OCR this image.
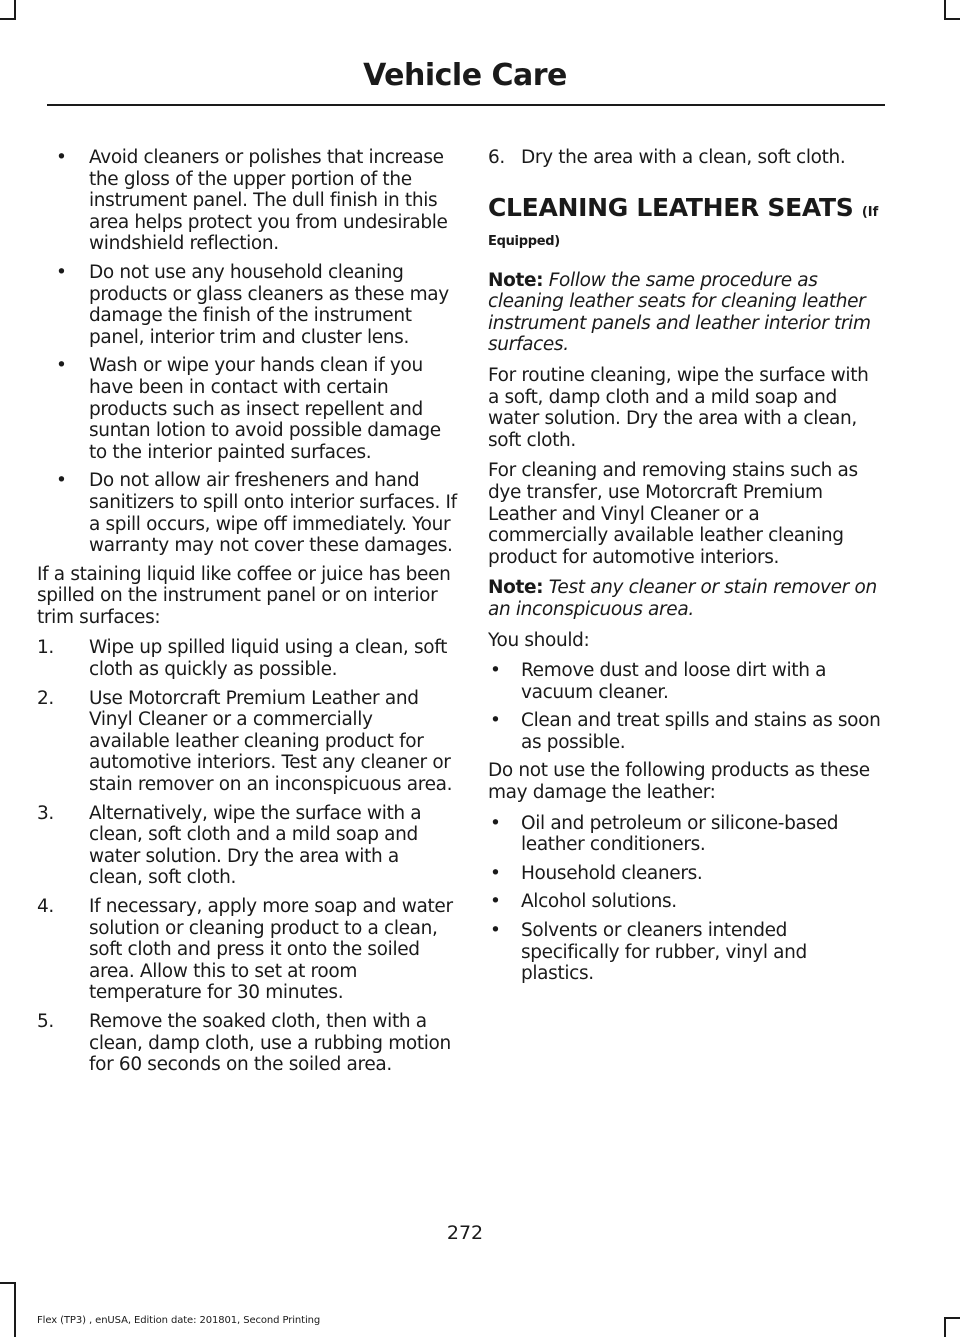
Vehicle Care
•	Avoid cleaners or polishes that increase the gloss of the upper portion of the instrument panel. The dull finish in this area helps protect you from undesirable windshield reflection.
•	Do not use any household cleaning products or glass cleaners as these may damage the finish of the instrument panel, interior trim and cluster lens.
•	Wash or wipe your hands clean if you have been in contact with certain products such as insect repellent and suntan lotion to avoid possible damage to the interior painted surfaces.
•	Do not allow air fresheners and hand sanitizers to spill onto interior surfaces. If a spill occurs, wipe off immediately. Your warranty may not cover these damages.

If a staining liquid like coffee or juice has been spilled on the instrument panel or on interior trim surfaces:

1.	Wipe up spilled liquid using a clean, soft cloth as quickly as possible.
2.	Use Motorcraft Premium Leather and Vinyl Cleaner or a commercially available leather cleaning product for automotive interiors. Test any cleaner or stain remover on an inconspicuous area.
3.	Alternatively, wipe the surface with a clean, soft cloth and a mild soap and water solution. Dry the area with a clean, soft cloth.
4.	If necessary, apply more soap and water solution or cleaning product to a clean, soft cloth and press it onto the soiled area. Allow this to set at room temperature for 30 minutes.
5.	Remove the soaked cloth, then with a clean, damp cloth, use a rubbing motion for 60 seconds on the soiled area.
6. Dry the area with a clean, soft cloth.
CLEANING LEATHER SEATS (If
Equipped)

Note: Follow the same procedure as cleaning leather seats for cleaning leather instrument panels and leather interior trim surfaces.

For routine cleaning, wipe the surface with a soft, damp cloth and a mild soap and water solution. Dry the area with a clean, soft cloth.

For cleaning and removing stains such as dye transfer, use Motorcraft Premium Leather and Vinyl Cleaner or a commercially available leather cleaning product for automotive interiors.

Note: Test any cleaner or stain remover on an inconspicuous area.

You should:

•	Remove dust and loose dirt with a vacuum cleaner.
•	Clean and treat spills and stains as soon as possible.

Do not use the following products as these may damage the leather:

•	Oil and petroleum or silicone-based leather conditioners.
•	Household cleaners.
•	Alcohol solutions.
•	Solvents or cleaners intended specifically for rubber, vinyl and plastics.
272
Flex (TP3) , enUSA, Edition date: 201801, Second Printing
